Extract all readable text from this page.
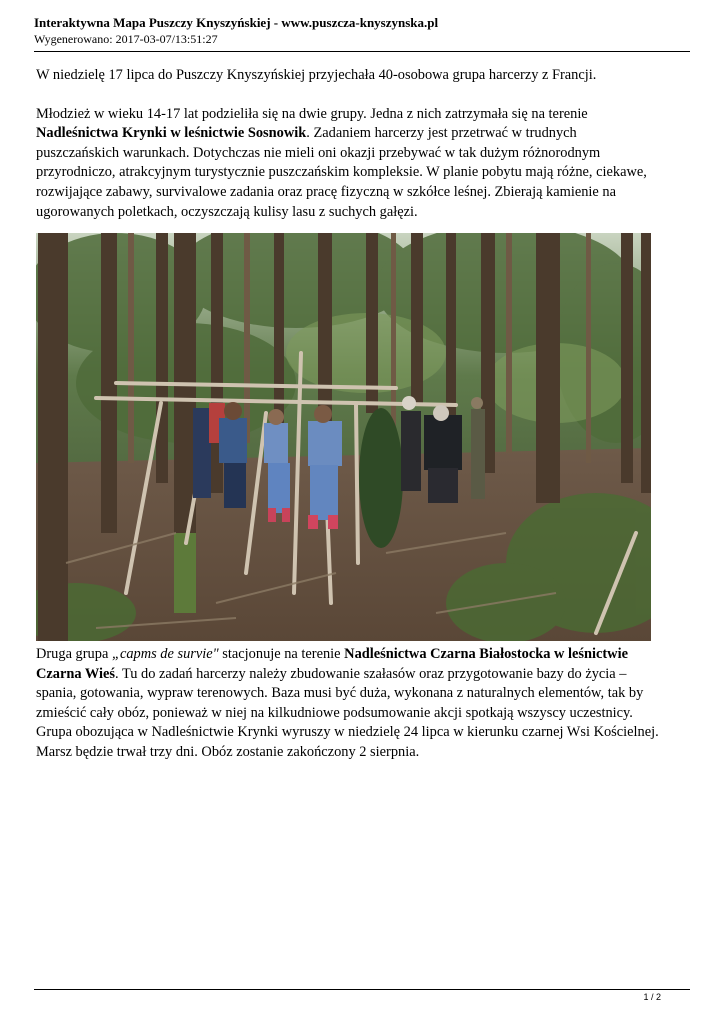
Interaktywna Mapa Puszczy Knyszyńskiej - www.puszcza-knyszynska.pl
Wygenerowano: 2017-03-07/13:51:27

W niedzielę 17 lipca do Puszczy Knyszyńskiej przyjechała 40-osobowa grupa harcerzy z Francji.

Młodzież w wieku 14-17 lat podzieliła się na dwie grupy. Jedna z nich zatrzymała się na terenie Nadleśnictwa Krynki w leśnictwie Sosnowik. Zadaniem harcerzy jest przetrwać w trudnych puszczańskich warunkach. Dotychczas nie mieli oni okazji przebywać w tak dużym różnorodnym przyrodniczo, atrakcyjnym turystycznie puszczańskim kompleksie. W planie pobytu mają różne, ciekawe, rozwijające zabawy, survivalowe zadania oraz pracę fizyczną w szkółce leśnej. Zbierają kamienie na ugorowanych poletkach, oczyszczają kulisy lasu z suchych gałęzi.

Druga grupa „capms de survie" stacjonuje na terenie Nadleśnictwa Czarna Białostocka w leśnictwie Czarna Wieś. Tu do zadań harcerzy należy zbudowanie szałasów oraz przygotowanie bazy do życia – spania, gotowania, wypraw terenowych. Baza musi być duża, wykonana z naturalnych elementów, tak by zmieścić cały obóz, ponieważ w niej na kilkudniowe podsumowanie akcji spotkają wszyscy uczestnicy. Grupa obozująca w Nadleśnictwie Krynki wyruszy w niedzielę 24 lipca w kierunku czarnej Wsi Kościelnej. Marsz będzie trwał trzy dni. Obóz zostanie zakończony 2 sierpnia.

1 / 2
